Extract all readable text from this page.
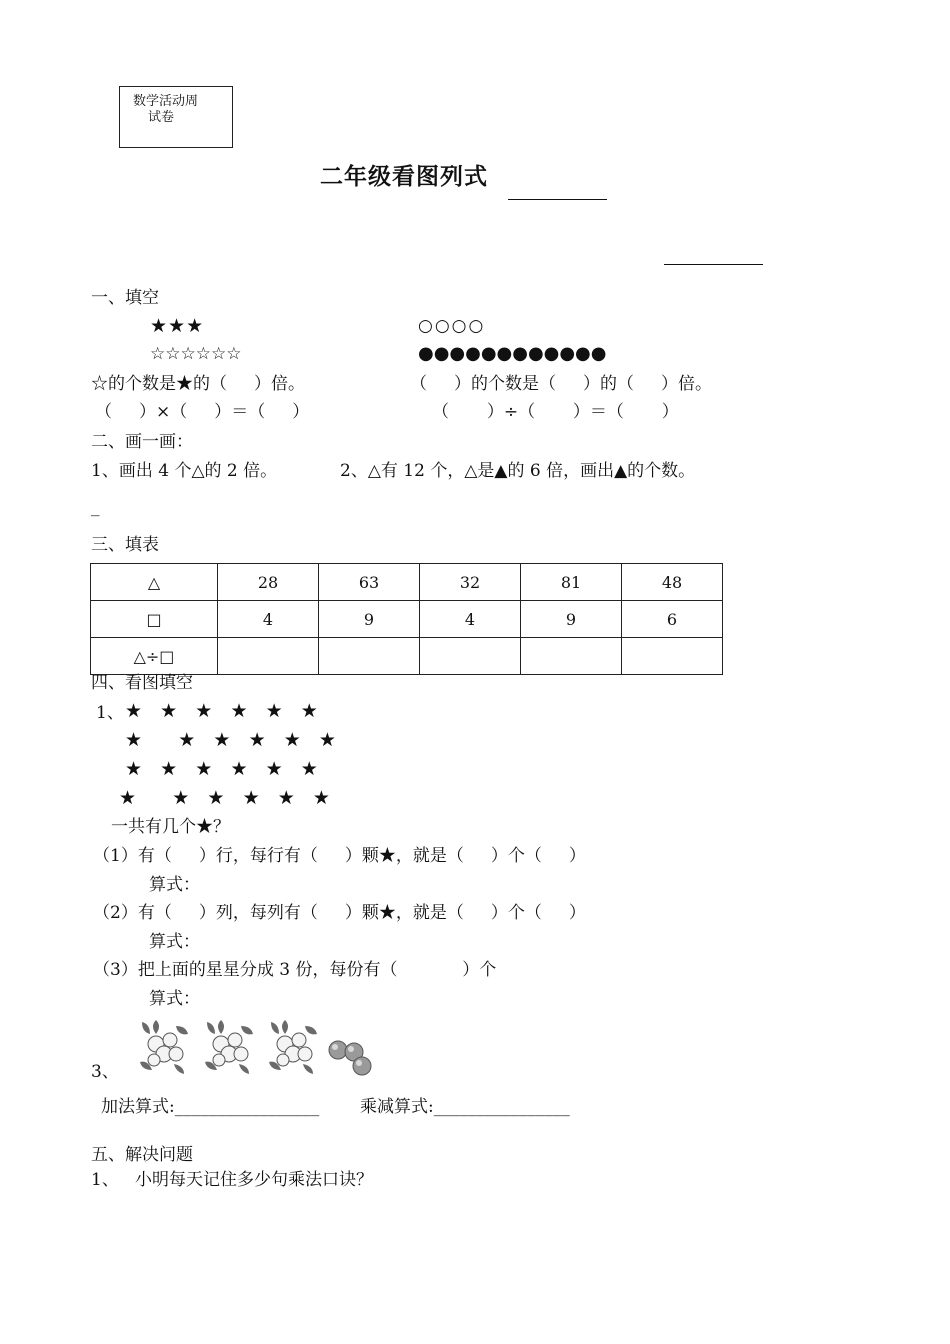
数学活动周
试卷
二年级看图列式
一、填空
★★★	○○○○
☆☆☆☆☆☆	●●●●●●●●●●●●
☆的个数是★的（     ）倍。	（     ）的个数是（     ）的（     ）倍。
（     ）×（     ）＝（     ）	（       ）÷（       ）＝（       ）
二、画一画：
1、画出 4 个△的 2 倍。	2、△有 12 个，△是▲的 6 倍，画出▲的个数。
_
三、填表
△	28	63	32	81	48
□	4	9	4	9	6
△÷□					
四、看图填空
1、 ★   ★   ★   ★   ★   ★
★      ★   ★   ★   ★   ★
★   ★   ★   ★   ★   ★
★      ★   ★   ★   ★   ★
一共有几个★？
（1）有（     ）行，每行有（     ）颗★，就是（     ）个（     ）
算式：
（2）有（     ）列，每列有（     ）颗★，就是（     ）个（     ）
算式：
（3）把上面的星星分成 3 份，每份有（            ）个
算式：
3、
加法算式:_________________ 乘减算式:________________
五、解决问题
1、   小明每天记住多少句乘法口诀？
